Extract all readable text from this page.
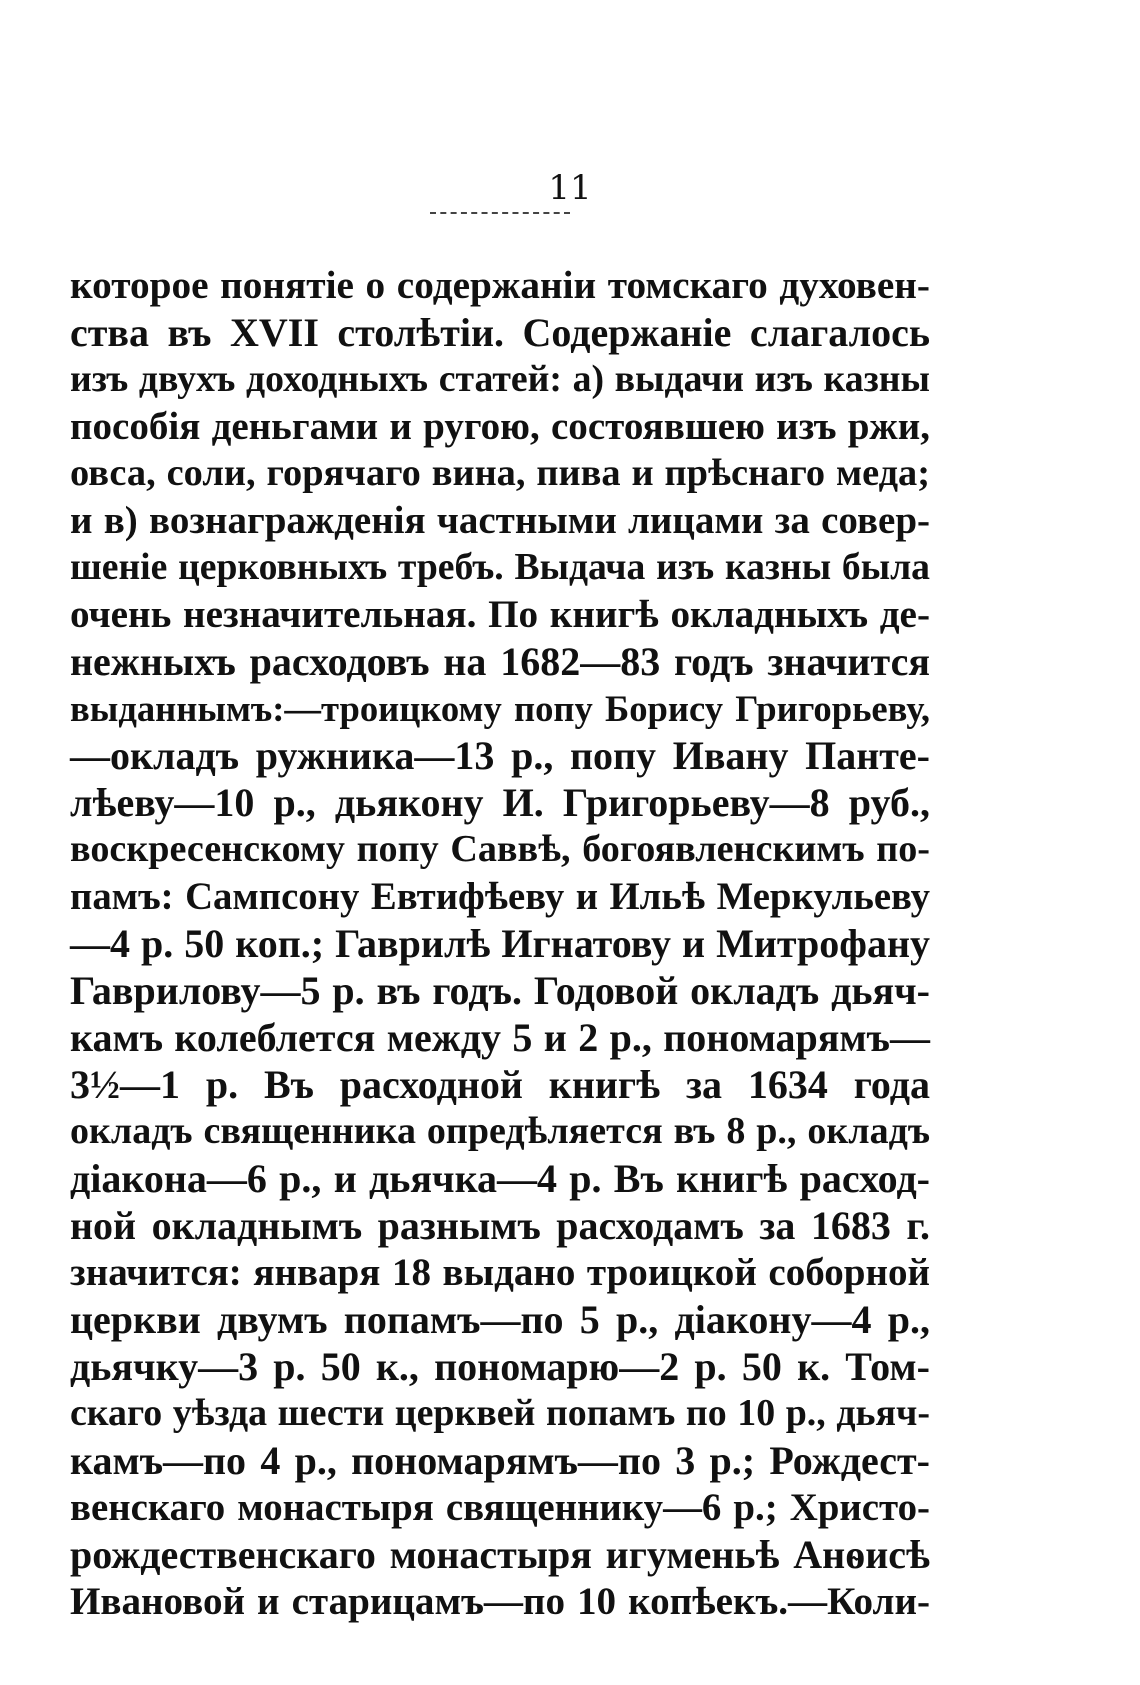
11
которое понятіе о содержаніи томскаго духовен-
ства въ XVII столѣтіи. Содержаніе слагалось
изъ двухъ доходныхъ статей: а) выдачи изъ казны
пособія деньгами и ругою, состоявшею изъ ржи,
овса, соли, горячаго вина, пива и прѣснаго меда;
и в) вознагражденія частными лицами за совер-
шеніе церковныхъ требъ. Выдача изъ казны была
очень незначительная. По книгѣ окладныхъ де-
нежныхъ расходовъ на 1682—83 годъ значится
выданнымъ:—троицкому попу Борису Григорьеву,
—окладъ ружника—13 р., попу Ивану Панте-
лѣеву—10 р., дьякону И. Григорьеву—8 руб.,
воскресенскому попу Саввѣ, богоявленскимъ по-
памъ: Сампсону Евтифѣеву и Ильѣ Меркульеву
—4 р. 50 коп.; Гаврилѣ Игнатову и Митрофану
Гаврилову—5 р. въ годъ. Годовой окладъ дьяч-
камъ колеблется между 5 и 2 р., пономарямъ—
3½—1 р. Въ расходной книгѣ за 1634 года
окладъ священника опредѣляется въ 8 р., окладъ
діакона—6 р., и дьячка—4 р. Въ книгѣ расход-
ной окладнымъ разнымъ расходамъ за 1683 г.
значится: января 18 выдано троицкой соборной
церкви двумъ попамъ—по 5 р., діакону—4 р.,
дьячку—3 р. 50 к., пономарю—2 р. 50 к. Том-
скаго уѣзда шести церквей попамъ по 10 р., дьяч-
камъ—по 4 р., пономарямъ—по 3 р.; Рождест-
венскаго монастыря священнику—6 р.; Христо-
рождественскаго монастыря игуменьѣ Анѳисѣ
Ивановой и старицамъ—по 10 копѣекъ.—Коли-
